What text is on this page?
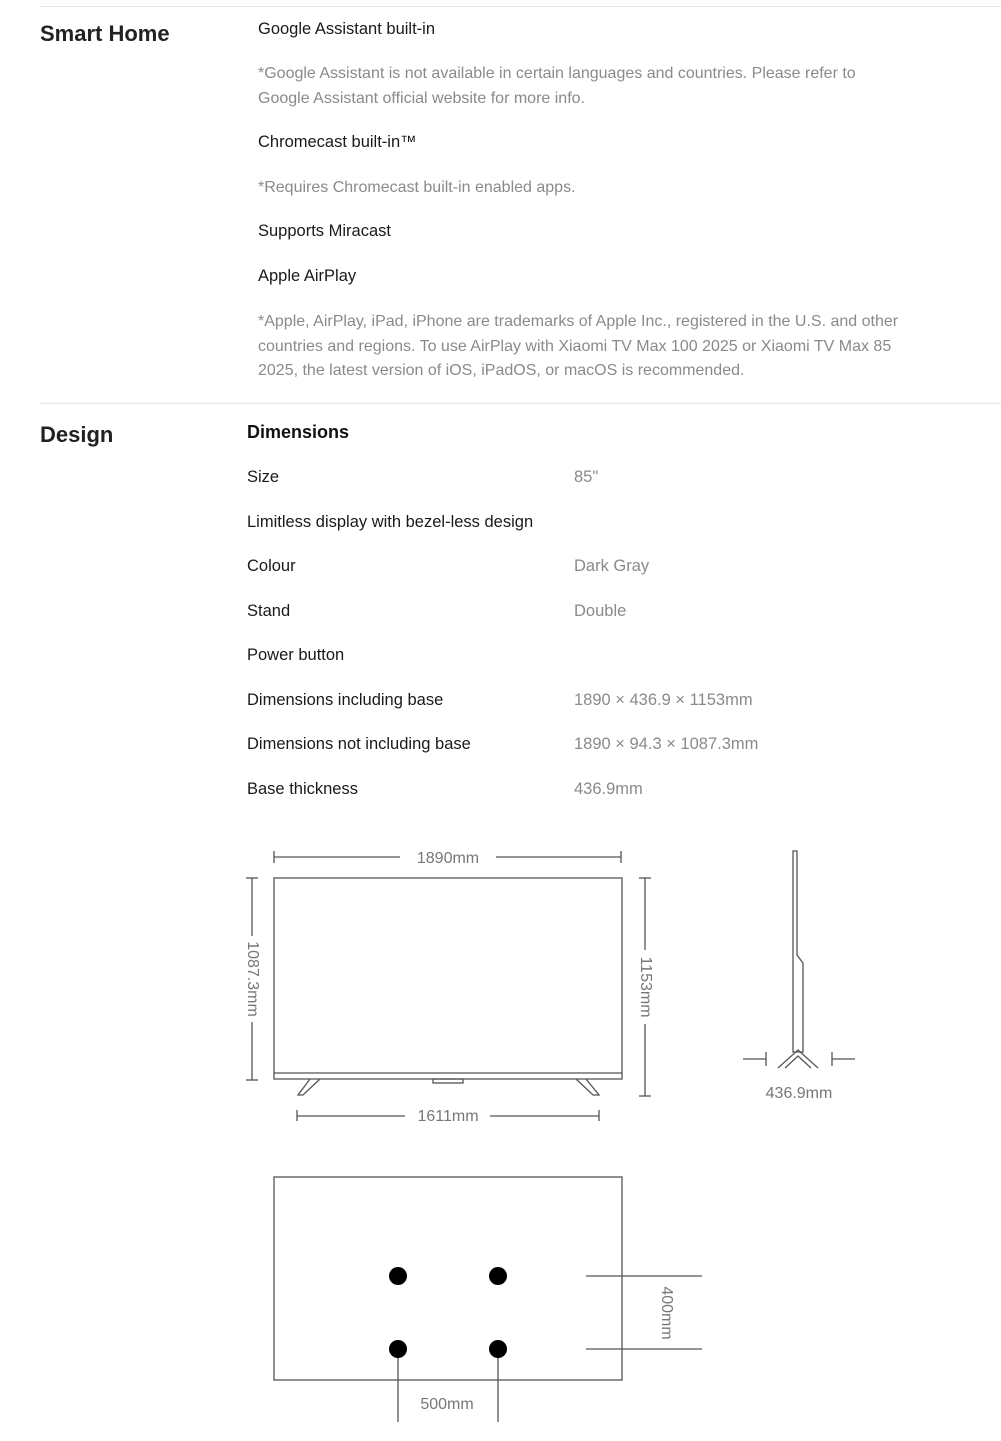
Smart Home	Google Assistant built-in
*Google Assistant is not available in certain languages and countries. Please refer to Google Assistant official website for more info.
Chromecast built-in™
*Requires Chromecast built-in enabled apps.
Supports Miracast
Apple AirPlay
*Apple, AirPlay, iPad, iPhone are trademarks of Apple Inc., registered in the U.S. and other countries and regions. To use AirPlay with Xiaomi TV Max 100 2025 or Xiaomi TV Max 85 2025, the latest version of iOS, iPadOS, or macOS is recommended.
Design	Dimensions
Size	85"
Limitless display with bezel-less design
Colour	Dark Gray
Stand	Double
Power button
Dimensions including base	1890 × 436.9 × 1153mm
Dimensions not including base	1890 × 94.3 × 1087.3mm
Base thickness	436.9mm
1890mm
1087.3mm	1153mm
1611mm
436.9mm
400mm
500mm
